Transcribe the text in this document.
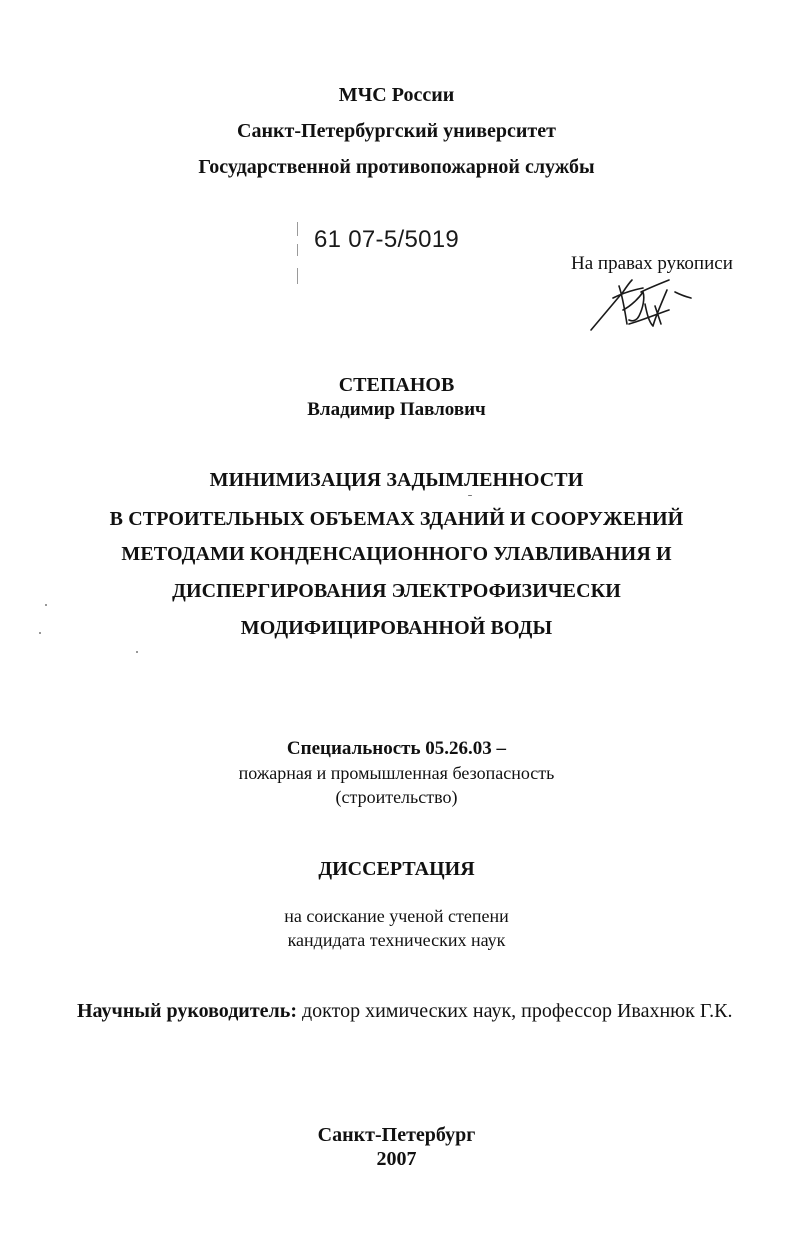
МЧС России
Санкт-Петербургский университет
Государственной противопожарной службы
61 07-5/5019
На правах рукописи
СТЕПАНОВ
Владимир Павлович
МИНИМИЗАЦИЯ ЗАДЫМЛЕННОСТИ
В СТРОИТЕЛЬНЫХ ОБЪЕМАХ ЗДАНИЙ И СООРУЖЕНИЙ
МЕТОДАМИ КОНДЕНСАЦИОННОГО УЛАВЛИВАНИЯ И
ДИСПЕРГИРОВАНИЯ ЭЛЕКТРОФИЗИЧЕСКИ
МОДИФИЦИРОВАННОЙ ВОДЫ
Специальность 05.26.03 –
пожарная и промышленная безопасность
(строительство)
ДИССЕРТАЦИЯ
на соискание ученой степени
кандидата технических наук
Научный руководитель: доктор химических наук, профессор Ивахнюк Г.К.
Санкт-Петербург
2007
